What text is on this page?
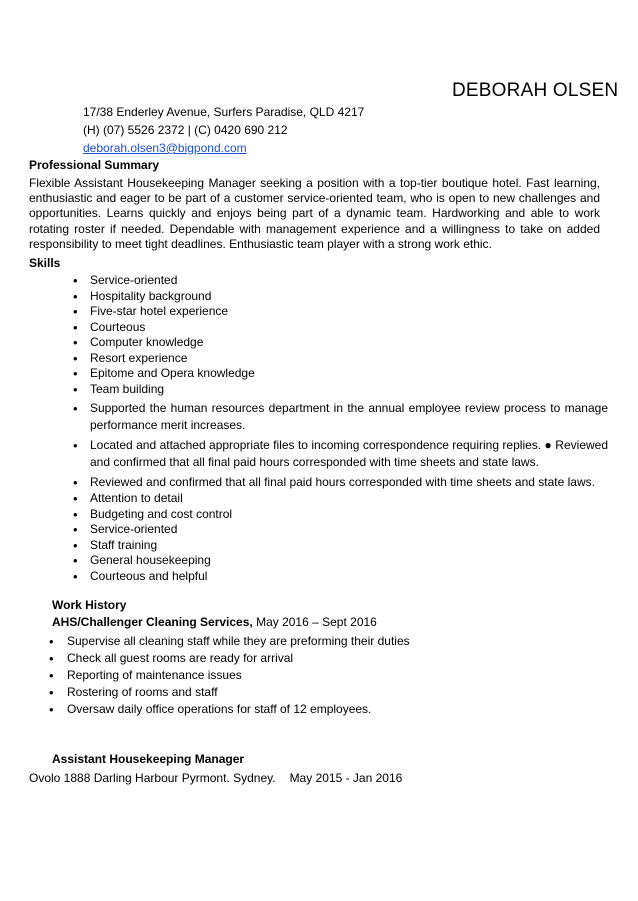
DEBORAH OLSEN
17/38 Enderley Avenue, Surfers Paradise, QLD 4217
(H) (07) 5526 2372 | (C) 0420 690 212
deborah.olsen3@bigpond.com
Professional Summary
Flexible Assistant Housekeeping Manager seeking a position with a top-tier boutique hotel. Fast learning, enthusiastic and eager to be part of a customer service-oriented team, who is open to new challenges and opportunities. Learns quickly and enjoys being part of a dynamic team. Hardworking and able to work rotating roster if needed. Dependable with management experience and a willingness to take on added responsibility to meet tight deadlines. Enthusiastic team player with a strong work ethic.
Skills
• Service-oriented
• Hospitality background
• Five-star hotel experience
• Courteous
• Computer knowledge
• Resort experience
• Epitome and Opera knowledge
• Team building
• Supported the human resources department in the annual employee review process to manage performance merit increases.
• Located and attached appropriate files to incoming correspondence requiring replies. ● Reviewed and confirmed that all final paid hours corresponded with time sheets and state laws.
• Reviewed and confirmed that all final paid hours corresponded with time sheets and state laws.
• Attention to detail
• Budgeting and cost control
• Service-oriented
• Staff training
• General housekeeping
• Courteous and helpful
Work History
AHS/Challenger Cleaning Services, May 2016 – Sept 2016
• Supervise all cleaning staff while they are preforming their duties
• Check all guest rooms are ready for arrival
• Reporting of maintenance issues
• Rostering of rooms and staff
• Oversaw daily office operations for staff of 12 employees.
Assistant Housekeeping Manager
Ovolo 1888 Darling Harbour Pyrmont. Sydney. May 2015 - Jan 2016
